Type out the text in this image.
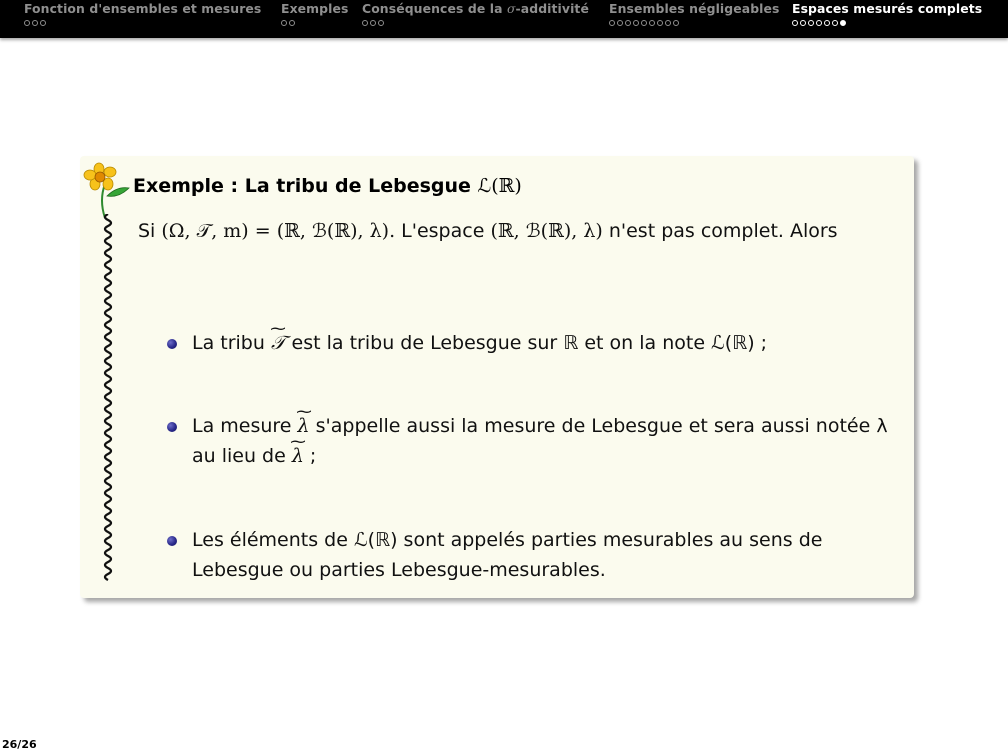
Fonction d'ensembles et mesures Exemples Conséquences de la σ-additivité Ensembles négligeables Espaces mesurés complets
Exemple : La tribu de Lebesgue ℒ(ℝ)
Si (Ω, 𝒯, m) = (ℝ, ℬ(ℝ), λ). L'espace (ℝ, ℬ(ℝ), λ) n'est pas complet. Alors
La tribu ~ 𝒯 est la tribu de Lebesgue sur ℝ et on la note ℒ(ℝ) ;
La mesure ~ λ s'appelle aussi la mesure de Lebesgue et sera aussi notée λ au lieu de ~ λ ;
Les éléments de ℒ(ℝ) sont appelés parties mesurables au sens de Lebesgue ou parties Lebesgue-mesurables.
26/26
